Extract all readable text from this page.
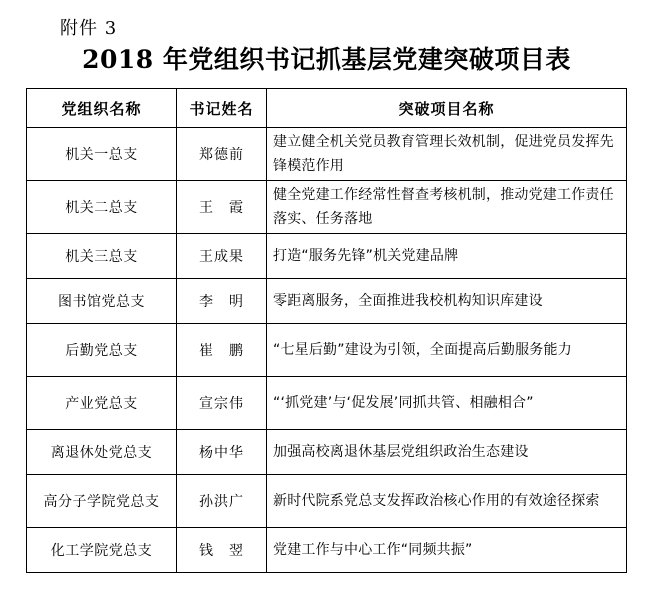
附件 3
2018 年党组织书记抓基层党建突破项目表
党组织名称	书记姓名	突破项目名称
机关一总支	郑德前	建立健全机关党员教育管理长效机制，促进党员发挥先锋模范作用
机关二总支	王　霞	健全党建工作经常性督查考核机制，推动党建工作责任落实、任务落地
机关三总支	王成果	打造“服务先锋”机关党建品牌
图书馆党总支	李　明	零距离服务，全面推进我校机构知识库建设
后勤党总支	崔　鹏	“七星后勤”建设为引领，全面提高后勤服务能力
产业党总支	宣宗伟	“‘抓党建’与‘促发展’同抓共管、相融相合”
离退休处党总支	杨中华	加强高校离退休基层党组织政治生态建设
高分子学院党总支	孙洪广	新时代院系党总支发挥政治核心作用的有效途径探索
化工学院党总支	钱　翌	党建工作与中心工作“同频共振”
